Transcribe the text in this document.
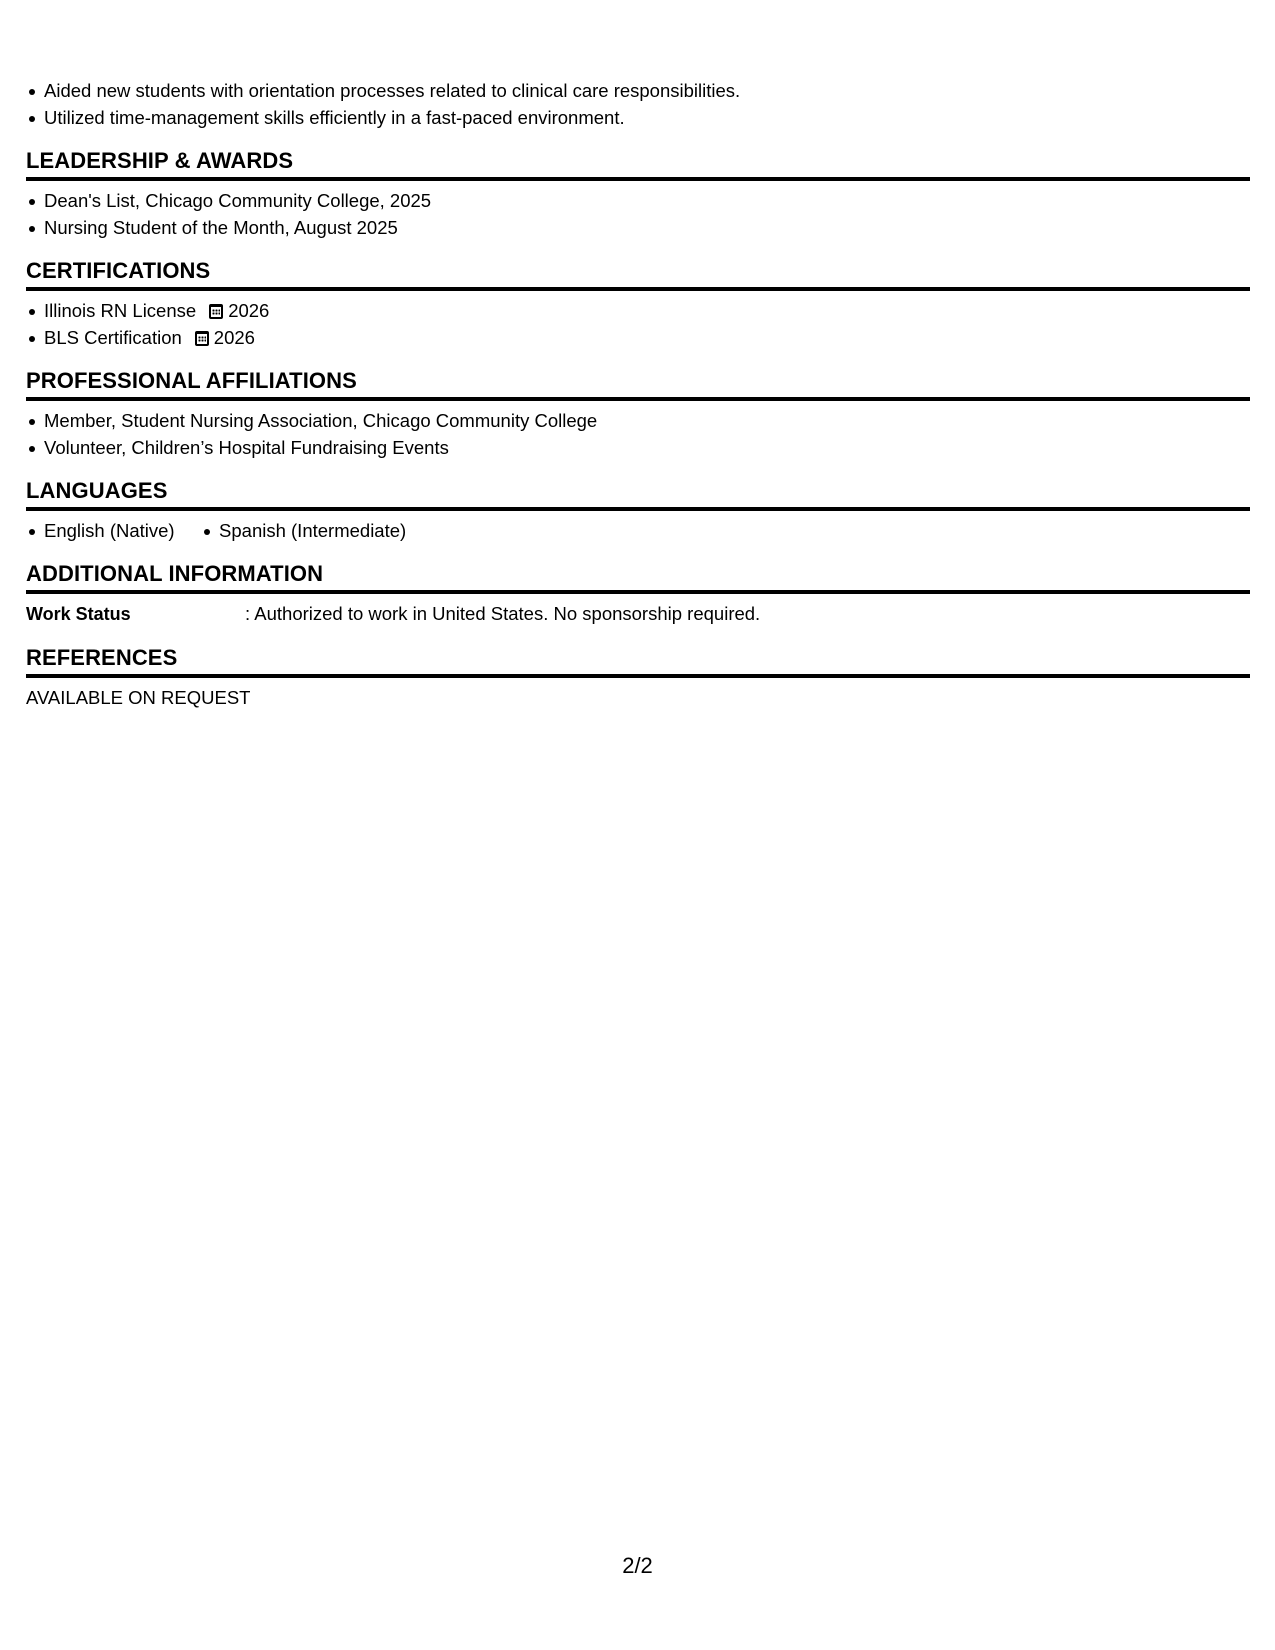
Aided new students with orientation processes related to clinical care responsibilities.
Utilized time-management skills efficiently in a fast-paced environment.
LEADERSHIP & AWARDS
Dean's List, Chicago Community College, 2025
Nursing Student of the Month, August 2025
CERTIFICATIONS
Illinois RN License 2026
BLS Certification 2026
PROFESSIONAL AFFILIATIONS
Member, Student Nursing Association, Chicago Community College
Volunteer, Children’s Hospital Fundraising Events
LANGUAGES
English (Native) Spanish (Intermediate)
ADDITIONAL INFORMATION
Work Status	: Authorized to work in United States. No sponsorship required.
REFERENCES
AVAILABLE ON REQUEST
2/2
